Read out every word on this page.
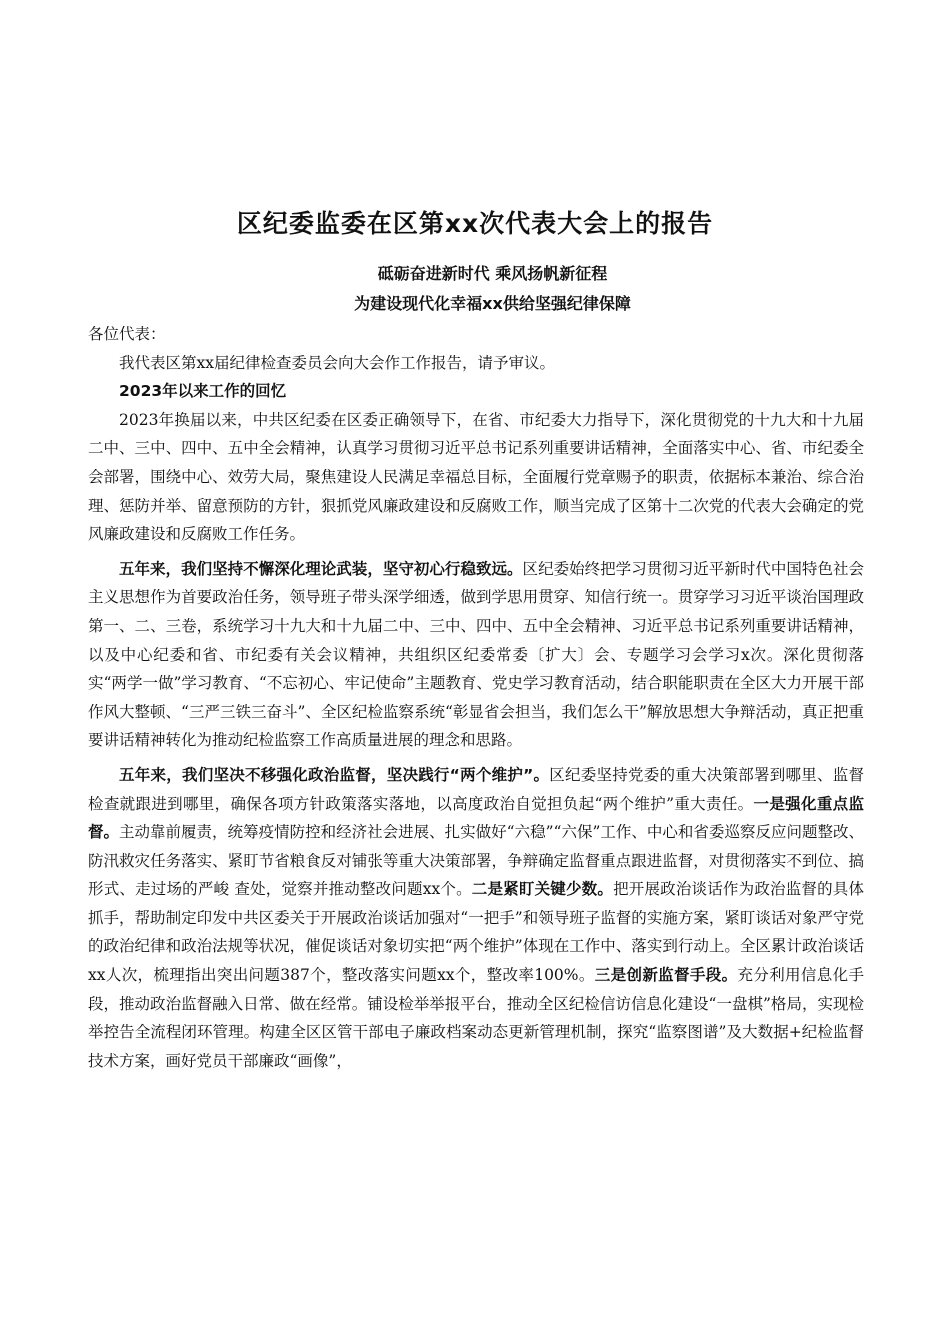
区纪委监委在区第xx次代表大会上的报告

砥砺奋进新时代 乘风扬帆新征程

为建设现代化幸福xx供给坚强纪律保障

各位代表：

我代表区第xx届纪律检查委员会向大会作工作报告，请予审议。

2023年以来工作的回忆

2023年换届以来，中共区纪委在区委正确领导下，在省、市纪委大力指导下，深化贯彻党的十九大和十九届二中、三中、四中、五中全会精神，认真学习贯彻习近平总书记系列重要讲话精神，全面落实中心、省、市纪委全会部署，围绕中心、效劳大局，聚焦建设人民满足幸福总目标，全面履行党章赐予的职责，依据标本兼治、综合治理、惩防并举、留意预防的方针，狠抓党风廉政建设和反腐败工作，顺当完成了区第十二次党的代表大会确定的党风廉政建设和反腐败工作任务。

五年来，我们坚持不懈深化理论武装，坚守初心行稳致远。区纪委始终把学习贯彻习近平新时代中国特色社会主义思想作为首要政治任务，领导班子带头深学细透，做到学思用贯穿、知信行统一。贯穿学习习近平谈治国理政第一、二、三卷，系统学习十九大和十九届二中、三中、四中、五中全会精神、习近平总书记系列重要讲话精神，以及中心纪委和省、市纪委有关会议精神，共组织区纪委常委〔扩大〕会、专题学习会学习x次。深化贯彻落实“两学一做”学习教育、“不忘初心、牢记使命”主题教育、党史学习教育活动，结合职能职责在全区大力开展干部作风大整顿、“三严三铁三奋斗”、全区纪检监察系统“彰显省会担当，我们怎么干”解放思想大争辩活动，真正把重要讲话精神转化为推动纪检监察工作高质量进展的理念和思路。

五年来，我们坚决不移强化政治监督，坚决践行“两个维护”。区纪委坚持党委的重大决策部署到哪里、监督检查就跟进到哪里，确保各项方针政策落实落地，以高度政治自觉担负起“两个维护”重大责任。一是强化重点监督。主动靠前履责，统筹疫情防控和经济社会进展、扎实做好“六稳”“六保”工作、中心和省委巡察反应问题整改、防汛救灾任务落实、紧盯节省粮食反对铺张等重大决策部署，争辩确定监督重点跟进监督，对贯彻落实不到位、搞形式、走过场的严峻 查处，觉察并推动整改问题xx个。二是紧盯关键少数。把开展政治谈话作为政治监督的具体抓手，帮助制定印发中共区委关于开展政治谈话加强对“一把手”和领导班子监督的实施方案，紧盯谈话对象严守党的政治纪律和政治法规等状况，催促谈话对象切实把“两个维护”体现在工作中、落实到行动上。全区累计政治谈话xx人次，梳理指出突出问题387个，整改落实问题xx个，整改率100%。三是创新监督手段。充分利用信息化手段，推动政治监督融入日常、做在经常。铺设检举举报平台，推动全区纪检信访信息化建设“一盘棋”格局，实现检举控告全流程闭环管理。构建全区区管干部电子廉政档案动态更新管理机制，探究“监察图谱”及大数据+纪检监督技术方案，画好党员干部廉政“画像”，
